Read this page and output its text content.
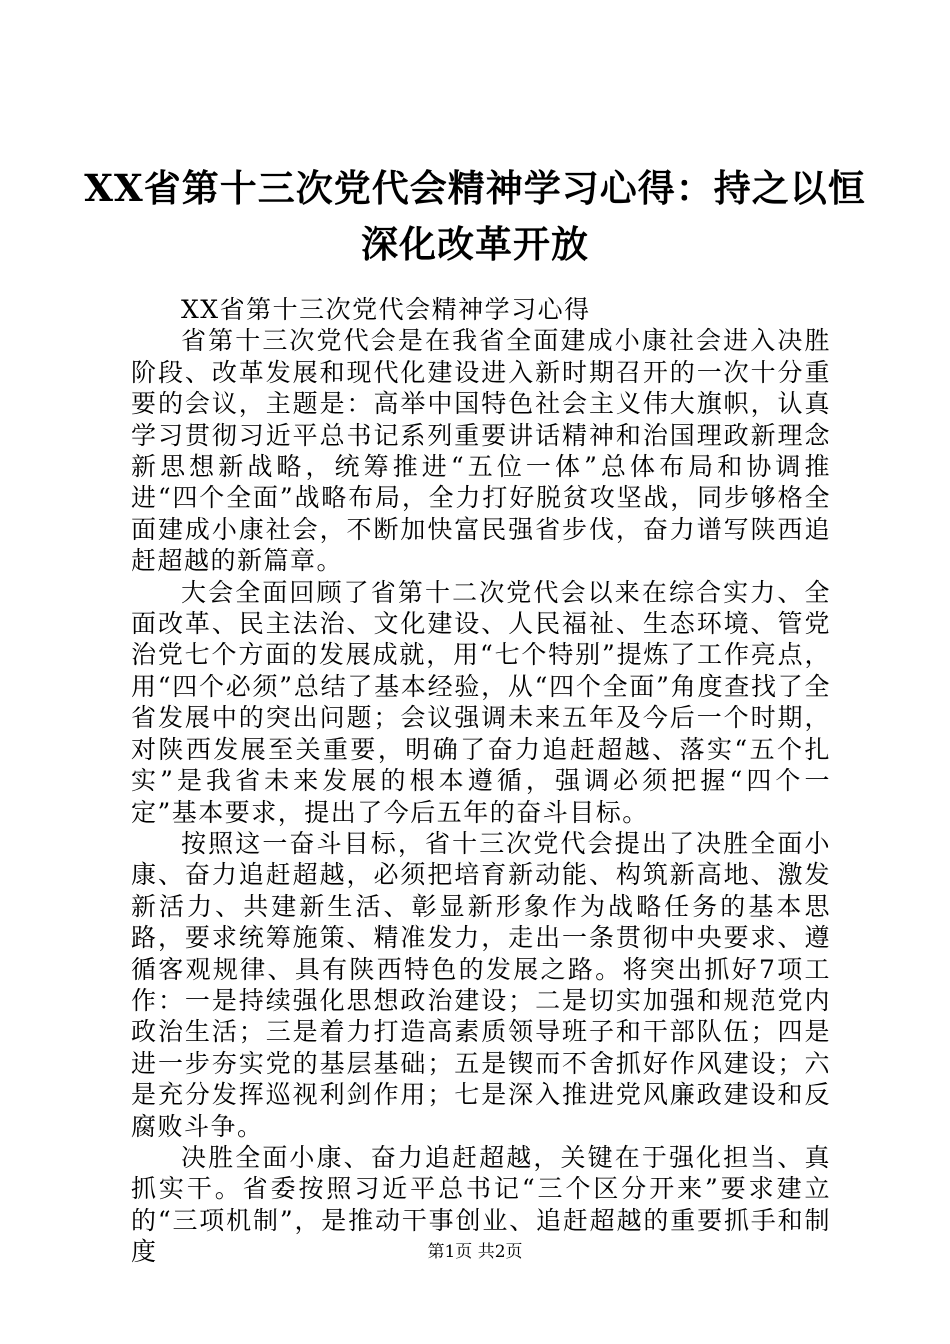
XX省第十三次党代会精神学习心得：持之以恒深化改革开放

XX省第十三次党代会精神学习心得

省第十三次党代会是在我省全面建成小康社会进入决胜阶段、改革发展和现代化建设进入新时期召开的一次十分重要的会议，主题是：高举中国特色社会主义伟大旗帜，认真学习贯彻习近平总书记系列重要讲话精神和治国理政新理念新思想新战略，统筹推进“五位一体”总体布局和协调推进“四个全面”战略布局，全力打好脱贫攻坚战，同步够格全面建成小康社会，不断加快富民强省步伐，奋力谱写陕西追赶超越的新篇章。

大会全面回顾了省第十二次党代会以来在综合实力、全面改革、民主法治、文化建设、人民福祉、生态环境、管党治党七个方面的发展成就，用“七个特别”提炼了工作亮点，用“四个必须”总结了基本经验，从“四个全面”角度查找了全省发展中的突出问题；会议强调未来五年及今后一个时期，对陕西发展至关重要，明确了奋力追赶超越、落实“五个扎实”是我省未来发展的根本遵循，强调必须把握“四个一定”基本要求，提出了今后五年的奋斗目标。

按照这一奋斗目标，省十三次党代会提出了决胜全面小康、奋力追赶超越，必须把培育新动能、构筑新高地、激发新活力、共建新生活、彰显新形象作为战略任务的基本思路，要求统筹施策、精准发力，走出一条贯彻中央要求、遵循客观规律、具有陕西特色的发展之路。将突出抓好7项工作：一是持续强化思想政治建设；二是切实加强和规范党内政治生活；三是着力打造高素质领导班子和干部队伍；四是进一步夯实党的基层基础；五是锲而不舍抓好作风建设；六是充分发挥巡视利剑作用；七是深入推进党风廉政建设和反腐败斗争。

决胜全面小康、奋力追赶超越，关键在于强化担当、真抓实干。省委按照习近平总书记“三个区分开来”要求建立的“三项机制”，是推动干事创业、追赶超越的重要抓手和制度	第1页 共2页
